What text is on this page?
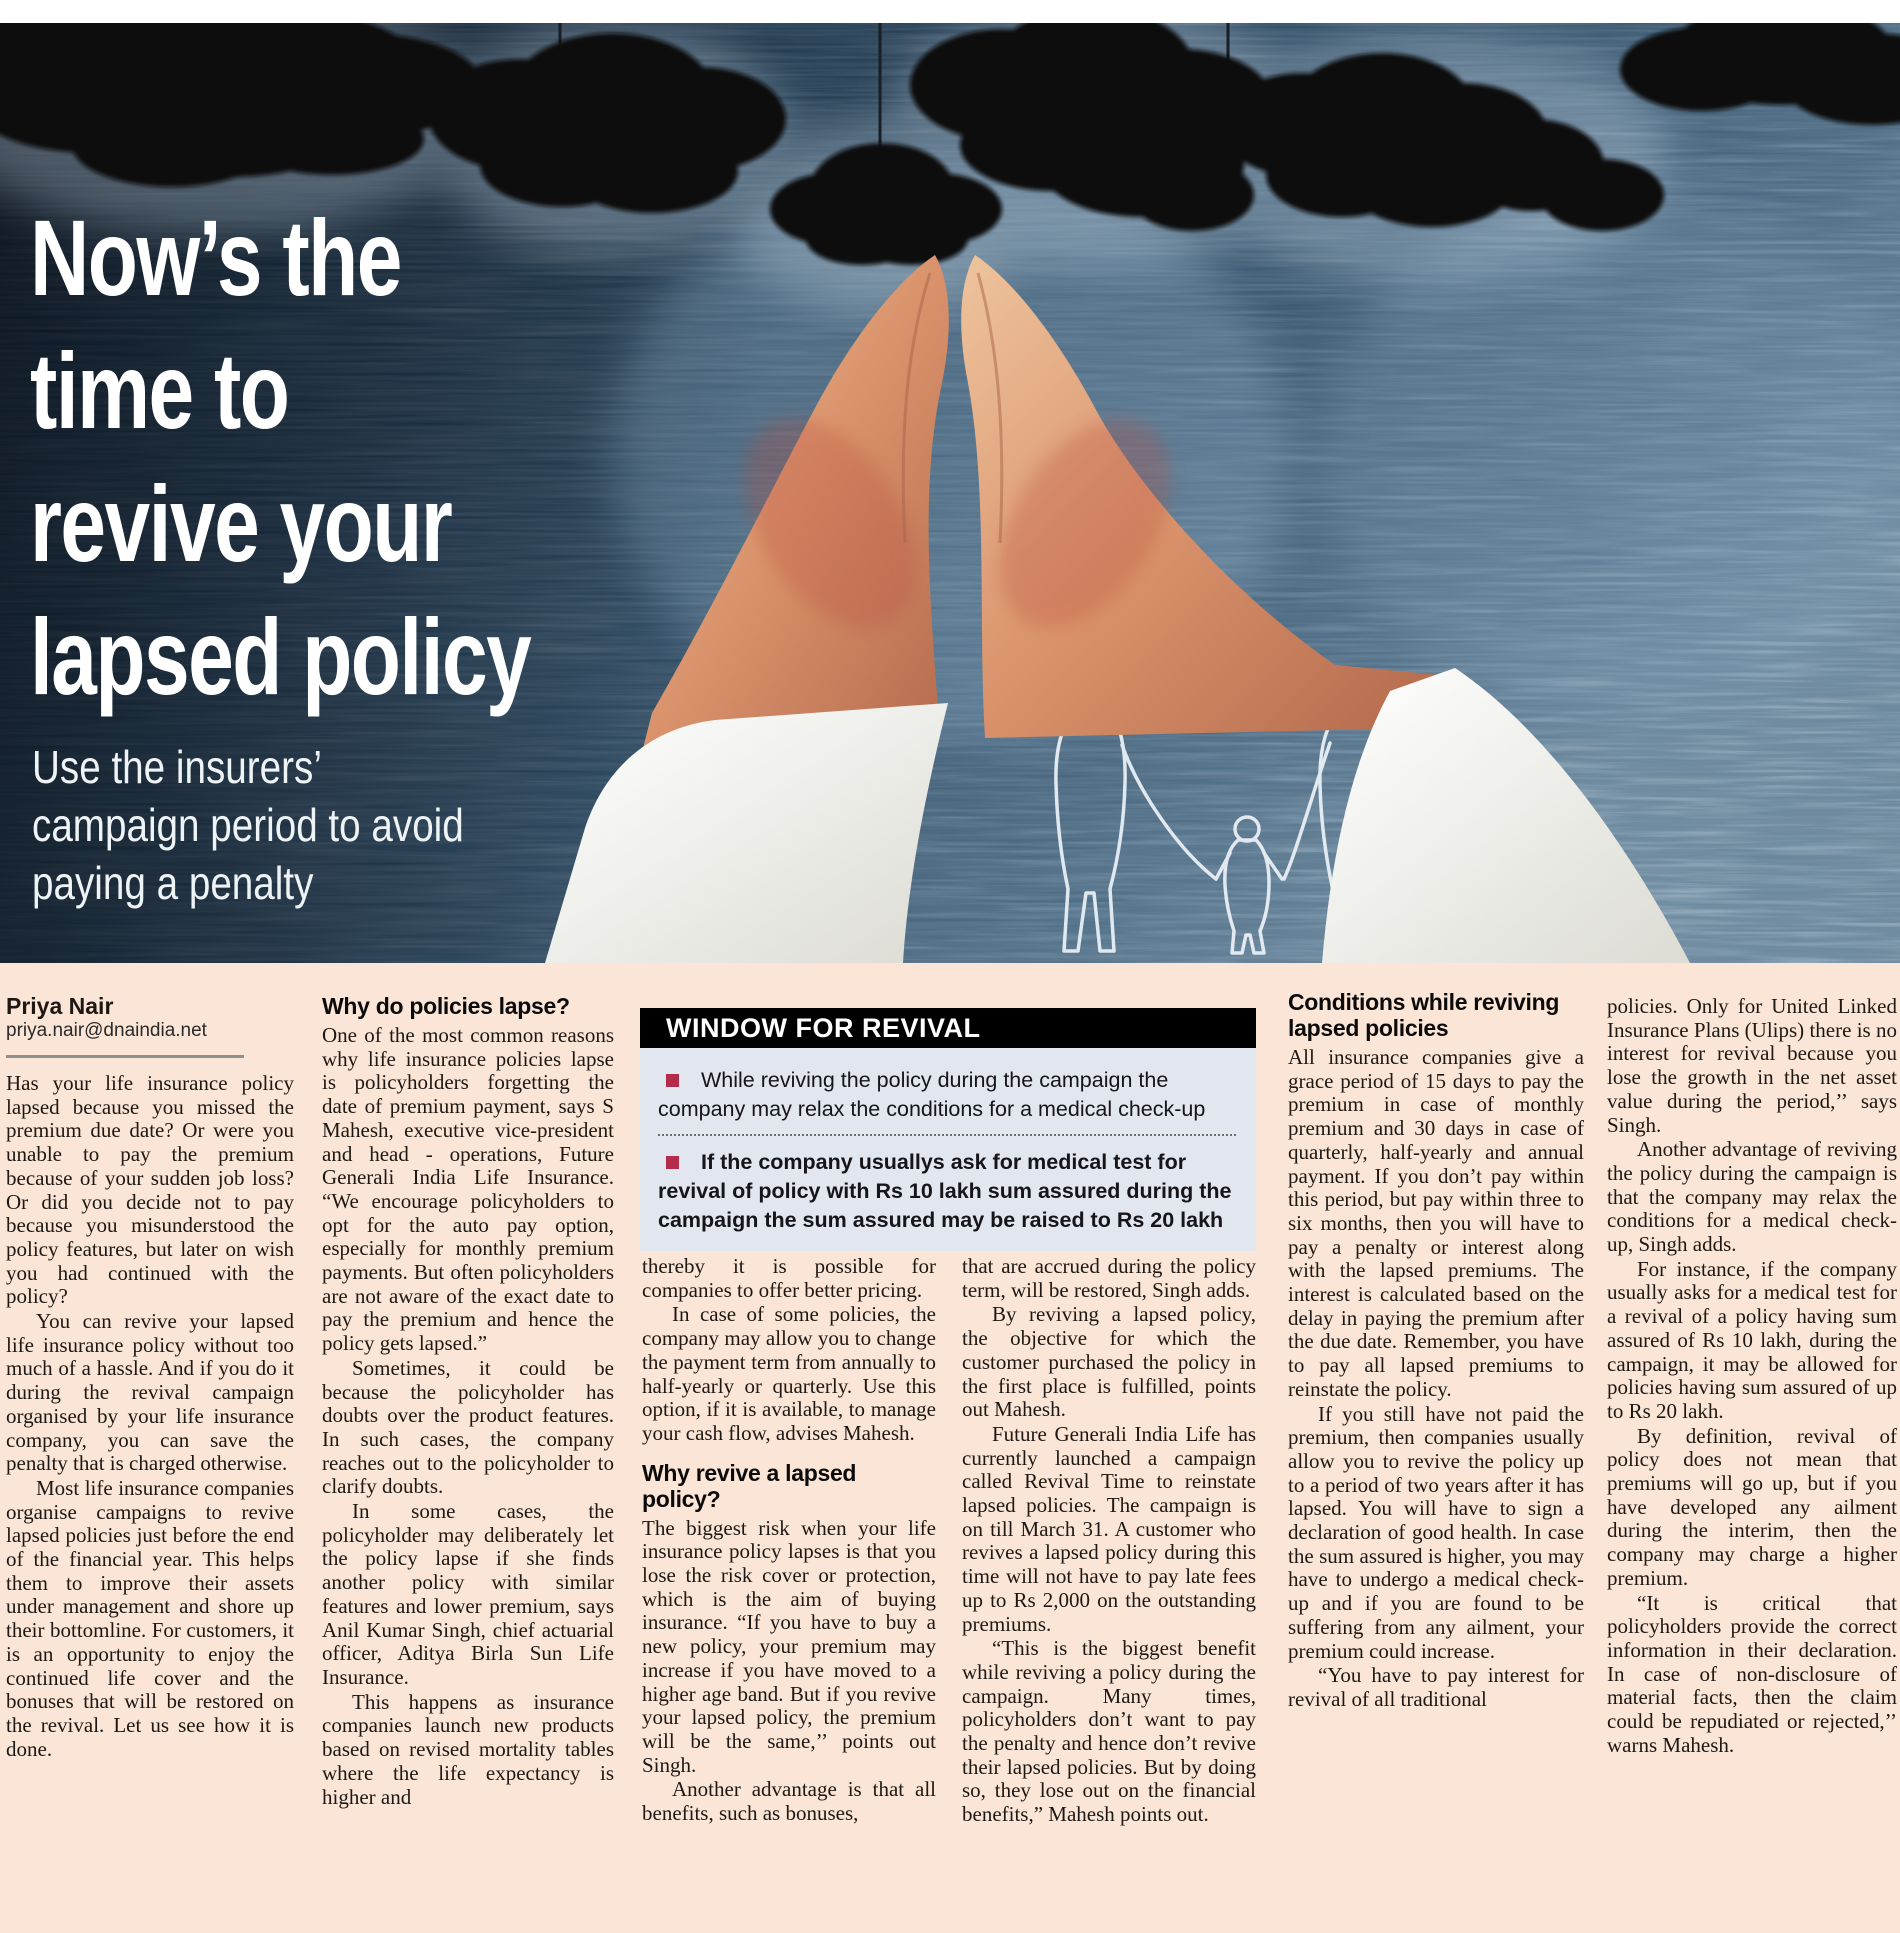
Now’s the
time to
revive your
lapsed policy
Use the insurers’
campaign period to avoid
paying a penalty
Priya Nair
priya.nair@dnaindia.net

Has your life insurance policy lapsed because you missed the premium due date? Or were you unable to pay the premium because of your sudden job loss? Or did you decide not to pay because you misunderstood the policy features, but later on wish you had continued with the policy?

You can revive your lapsed life insurance policy without too much of a hassle. And if you do it during the revival campaign organised by your life insurance company, you can save the penalty that is charged otherwise.

Most life insurance companies organise campaigns to revive lapsed policies just before the end of the financial year. This helps them to improve their assets under management and shore up their bottomline. For customers, it is an opportunity to enjoy the continued life cover and the bonuses that will be restored on the revival. Let us see how it is done.

Why do policies lapse?

One of the most common reasons why life insurance policies lapse is policyholders forgetting the date of premium payment, says S Mahesh, executive vice-president and head - operations, Future Generali India Life Insurance. “We encourage policyholders to opt for the auto pay option, especially for monthly premium payments. But often policyholders are not aware of the exact date to pay the premium and hence the policy gets lapsed.”

Sometimes, it could be because the policyholder has doubts over the product features. In such cases, the company reaches out to the policyholder to clarify doubts.

In some cases, the policyholder may deliberately let the policy lapse if she finds another policy with similar features and lower premium, says Anil Kumar Singh, chief actuarial officer, Aditya Birla Sun Life Insurance.

This happens as insurance companies launch new products based on revised mortality tables where the life expectancy is higher and

WINDOW FOR REVIVAL

While reviving the policy during the campaign the company may relax the conditions for a medical check-up

If the company usuallys ask for medical test for revival of policy with Rs 10 lakh sum assured during the campaign the sum assured may be raised to Rs 20 lakh

thereby it is possible for companies to offer better pricing.

In case of some policies, the company may allow you to change the payment term from annually to half-yearly or quarterly. Use this option, if it is available, to manage your cash flow, advises Mahesh.

Why revive a lapsed policy?

The biggest risk when your life insurance policy lapses is that you lose the risk cover or protection, which is the aim of buying insurance. “If you have to buy a new policy, your premium may increase if you have moved to a higher age band. But if you revive your lapsed policy, the premium will be the same,’’ points out Singh.

Another advantage is that all benefits, such as bonuses,

that are accrued during the policy term, will be restored, Singh adds.

By reviving a lapsed policy, the objective for which the customer purchased the policy in the first place is fulfilled, points out Mahesh.

Future Generali India Life has currently launched a campaign called Revival Time to reinstate lapsed policies. The campaign is on till March 31. A customer who revives a lapsed policy during this time will not have to pay late fees up to Rs 2,000 on the outstanding premiums.

“This is the biggest benefit while reviving a policy during the campaign. Many times, policyholders don’t want to pay the penalty and hence don’t revive their lapsed policies. But by doing so, they lose out on the financial benefits,” Mahesh points out.

Conditions while reviving lapsed policies

All insurance companies give a grace period of 15 days to pay the premium in case of monthly premium and 30 days in case of quarterly, half-yearly and annual payment. If you don’t pay within this period, but pay within three to six months, then you will have to pay a penalty or interest along with the lapsed premiums. The interest is calculated based on the delay in paying the premium after the due date. Remember, you have to pay all lapsed premiums to reinstate the policy.

If you still have not paid the premium, then companies usually allow you to revive the policy up to a period of two years after it has lapsed. You will have to sign a declaration of good health. In case the sum assured is higher, you may have to undergo a medical check-up and if you are found to be suffering from any ailment, your premium could increase.

“You have to pay interest for revival of all traditional

policies. Only for United Linked Insurance Plans (Ulips) there is no interest for revival because you lose the growth in the net asset value during the period,’’ says Singh.

Another advantage of reviving the policy during the campaign is that the company may relax the conditions for a medical check-up, Singh adds.

For instance, if the company usually asks for a medical test for a revival of a policy having sum assured of Rs 10 lakh, during the campaign, it may be allowed for policies having sum assured of up to Rs 20 lakh.

By definition, revival of policy does not mean that premiums will go up, but if you have developed any ailment during the interim, then the company may charge a higher premium.

“It is critical that policyholders provide the correct information in their declaration. In case of non-disclosure of material facts, then the claim could be repudiated or rejected,’’ warns Mahesh.
